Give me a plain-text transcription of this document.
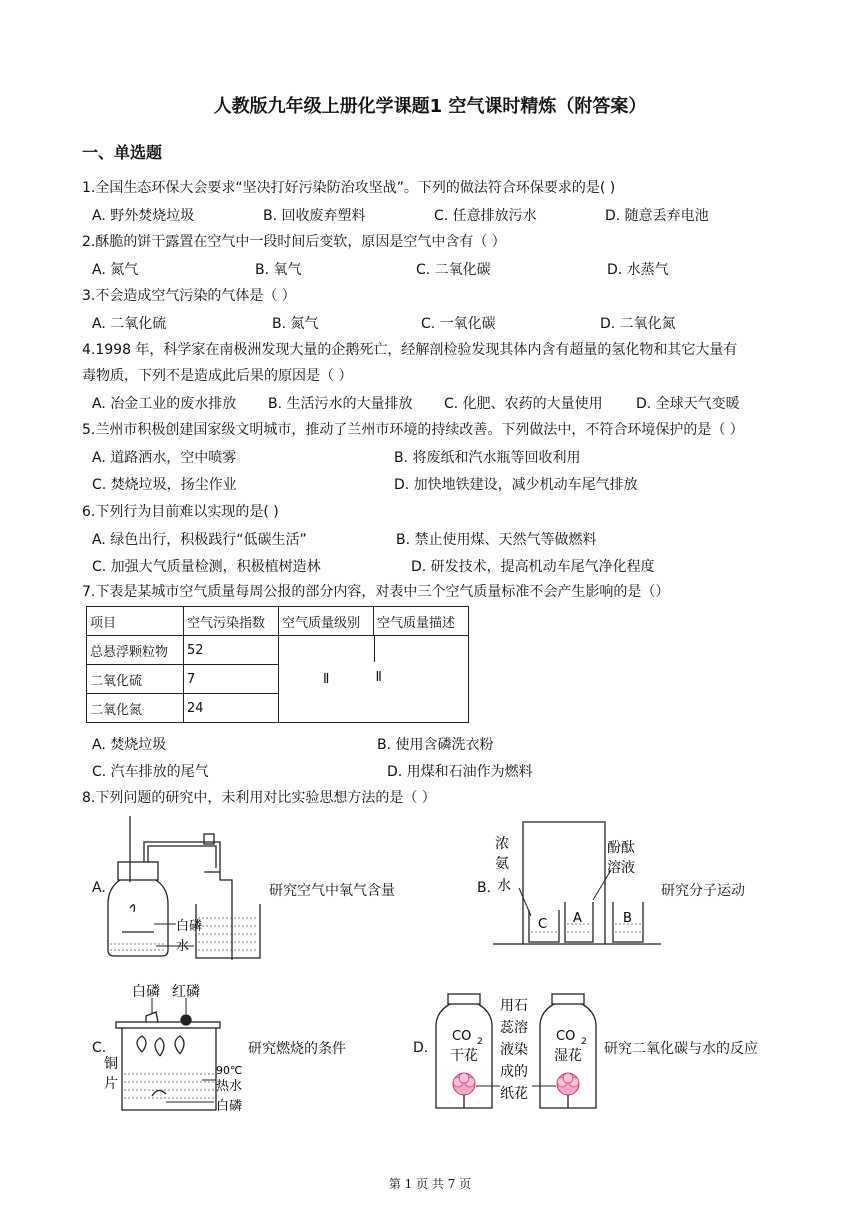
人教版九年级上册化学课题1 空气课时精炼（附答案）
一、单选题
1.全国生态环保大会要求“坚决打好污染防治攻坚战”。下列的做法符合环保要求的是( )
A. 野外焚烧垃圾	B. 回收废弃塑料	C. 任意排放污水	D. 随意丢弃电池
2.酥脆的饼干露置在空气中一段时间后变软，原因是空气中含有（ ）
A. 氮气	B. 氧气	C. 二氧化碳	D. 水蒸气
3.不会造成空气污染的气体是（ ）
A. 二氧化硫	B. 氮气	C. 一氧化碳	D. 二氧化氮
4.1998 年，科学家在南极洲发现大量的企鹅死亡，经解剖检验发现其体内含有超量的氢化物和其它大量有
毒物质，下列不是造成此后果的原因是（ ）
A. 冶金工业的废水排放 B. 生活污水的大量排放 C. 化肥、农药的大量使用 D. 全球天气变暖
5.兰州市积极创建国家级文明城市，推动了兰州市环境的持续改善。下列做法中，不符合环境保护的是（ ）
A. 道路洒水，空中喷雾	B. 将废纸和汽水瓶等回收利用
C. 焚烧垃圾，扬尘作业	D. 加快地铁建设，减少机动车尾气排放
6.下列行为目前难以实现的是( )
A. 绿色出行，积极践行“低碳生活”	B. 禁止使用煤、天然气等做燃料
C. 加强大气质量检测，积极植树造林	D. 研发技术，提高机动车尾气净化程度
7.下表是某城市空气质量每周公报的部分内容，对表中三个空气质量标准不会产生影响的是（）
项目	空气污染指数	空气质量级别	空气质量描述
总悬浮颗粒物	52	Ⅱ	Ⅱ

二氧化硫	7		
二氧化氮	24		
A. 焚烧垃圾	B. 使用含磷洗衣粉
C. 汽车排放的尾气	D. 用煤和石油作为燃料
8.下列问题的研究中，未利用对比实验思想方法的是（ ）
A.	B.
C.	D.
研究空气中氧气含量	研究分子运动
研究燃烧的条件	研究二氧化碳与水的反应
白磷
水
浓
氨
水
酚酞
溶液
C A	B
白磷 红磷
铜
片
90℃
热水
白磷
CO 2
干花
CO 2
湿花
用石
蕊溶
液染
成的
纸花
第 1 页 共 7 页
